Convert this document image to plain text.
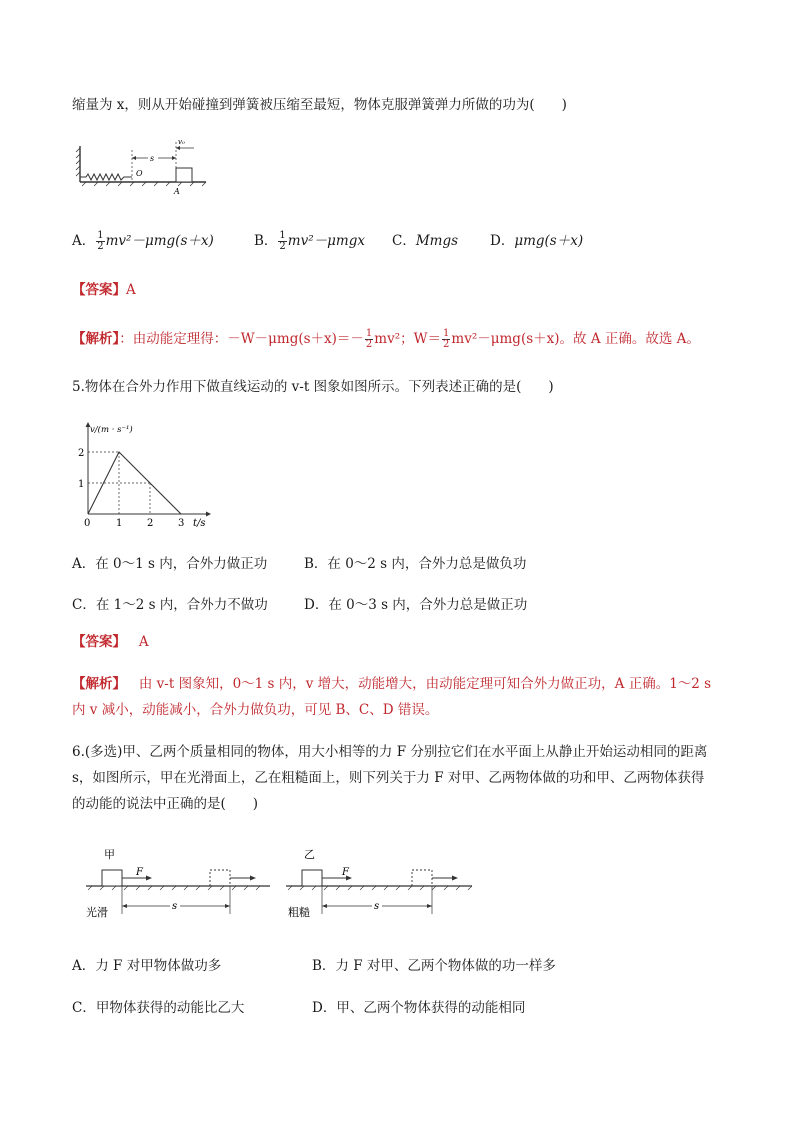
缩量为 x，则从开始碰撞到弹簧被压缩至最短，物体克服弹簧弹力所做的功为(　　)
O
s
v₀
A
A． $\frac{1}{2} mv^2-\mu mg(s+x)$	B． $\frac{1}{2} mv^2-\mu mgx$ C．Mmgs D．μmg(s＋x)
【答案】A
【解析】：由动能定理得：$-W-\mu mg(s+x)=- \frac{1}{2} mv^2$；$W= \frac{1}{2} mv^2-\mu mg(s+x)$。故 A 正确。故选 A。
5.物体在合外力作用下做直线运动的 v-t 图象如图所示。下列表述正确的是(　　)
0	1 2 3
2
1
v/(m · s⁻¹)
t/s
A．在 0～1 s 内，合外力做正功	B．在 0～2 s 内，合外力总是做负功
C．在 1～2 s 内，合外力不做功	D．在 0～3 s 内，合外力总是做正功
【答案】 A
【解析】 由 v-t 图象知，0～1 s 内，v 增大，动能增大，由动能定理可知合外力做正功，A 正确。1～2 s
内 v 减小，动能减小，合外力做负功，可见 B、C、D 错误。
6.(多选)甲、乙两个质量相同的物体，用大小相等的力 F 分别拉它们在水平面上从静止开始运动相同的距离
s，如图所示，甲在光滑面上，乙在粗糙面上，则下列关于力 F 对甲、乙两物体做的功和甲、乙两物体获得
的动能的说法中正确的是(　　)
甲
F
s
光滑
乙
F
s
粗糙
A．力 F 对甲物体做功多	B．力 F 对甲、乙两个物体做的功一样多
C．甲物体获得的动能比乙大	D．甲、乙两个物体获得的动能相同
